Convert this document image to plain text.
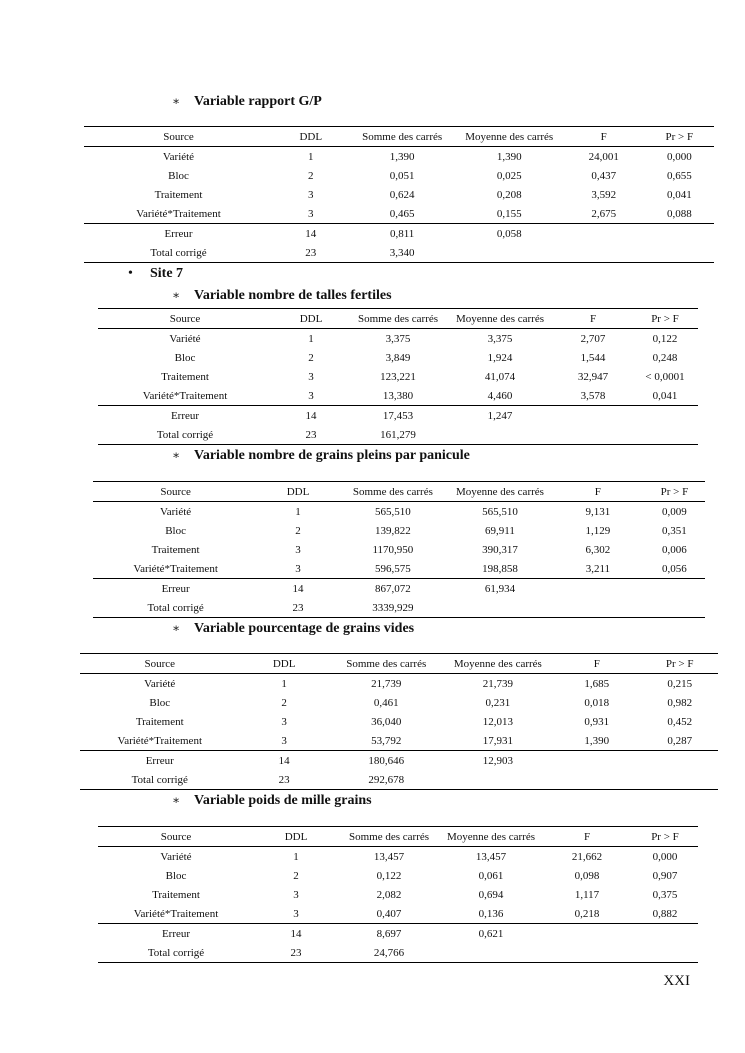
∗ Variable rapport G/P
Source	DDL	Somme des carrés	Moyenne des carrés	F	Pr > F
Variété	1	1,390	1,390	24,001	0,000
Bloc	2	0,051	0,025	0,437	0,655
Traitement	3	0,624	0,208	3,592	0,041
Variété*Traitement	3	0,465	0,155	2,675	0,088
Erreur	14	0,811	0,058		
Total corrigé	23	3,340			
• Site 7
∗ Variable nombre de talles fertiles
Source	DDL	Somme des carrés	Moyenne des carrés	F	Pr > F
Variété	1	3,375	3,375	2,707	0,122
Bloc	2	3,849	1,924	1,544	0,248
Traitement	3	123,221	41,074	32,947	< 0,0001
Variété*Traitement	3	13,380	4,460	3,578	0,041
Erreur	14	17,453	1,247		
Total corrigé	23	161,279			
∗ Variable nombre de grains pleins par panicule
Source	DDL	Somme des carrés	Moyenne des carrés	F	Pr > F
Variété	1	565,510	565,510	9,131	0,009
Bloc	2	139,822	69,911	1,129	0,351
Traitement	3	1170,950	390,317	6,302	0,006
Variété*Traitement	3	596,575	198,858	3,211	0,056
Erreur	14	867,072	61,934		
Total corrigé	23	3339,929			
∗ Variable pourcentage de grains vides
Source	DDL	Somme des carrés	Moyenne des carrés	F	Pr > F
Variété	1	21,739	21,739	1,685	0,215
Bloc	2	0,461	0,231	0,018	0,982
Traitement	3	36,040	12,013	0,931	0,452
Variété*Traitement	3	53,792	17,931	1,390	0,287
Erreur	14	180,646	12,903		
Total corrigé	23	292,678			
∗ Variable poids de mille grains
Source	DDL	Somme des carrés	Moyenne des carrés	F	Pr > F
Variété	1	13,457	13,457	21,662	0,000
Bloc	2	0,122	0,061	0,098	0,907
Traitement	3	2,082	0,694	1,117	0,375
Variété*Traitement	3	0,407	0,136	0,218	0,882
Erreur	14	8,697	0,621		
Total corrigé	23	24,766			
XXI
